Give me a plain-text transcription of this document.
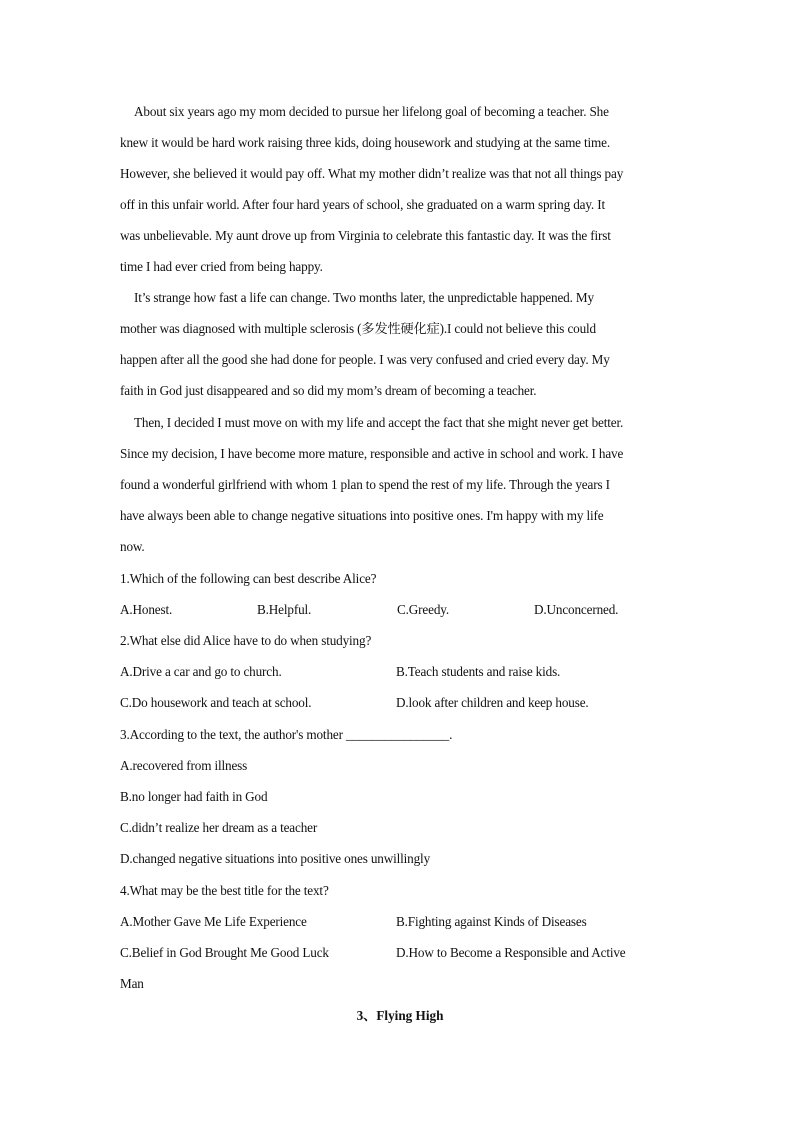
About six years ago my mom decided to pursue her lifelong goal of becoming a teacher. She
knew it would be hard work raising three kids, doing housework and studying at the same time.
However, she believed it would pay off. What my mother didn’t realize was that not all things pay
off in this unfair world. After four hard years of school, she graduated on a warm spring day. It
was unbelievable. My aunt drove up from Virginia to celebrate this fantastic day. It was the first
time I had ever cried from being happy.
It’s strange how fast a life can change. Two months later, the unpredictable happened. My
mother was diagnosed with multiple sclerosis (多发性硬化症).I could not believe this could
happen after all the good she had done for people. I was very confused and cried every day. My
faith in God just disappeared and so did my mom’s dream of becoming a teacher.
Then, I decided I must move on with my life and accept the fact that she might never get better.
Since my decision, I have become more mature, responsible and active in school and work. I have
found a wonderful girlfriend with whom 1 plan to spend the rest of my life. Through the years I
have always been able to change negative situations into positive ones. I'm happy with my life
now.
1.Which of the following can best describe Alice?
A.Honest.	B.Helpful.	C.Greedy.	D.Unconcerned.
2.What else did Alice have to do when studying?
A.Drive a car and go to church.	B.Teach students and raise kids.
C.Do housework and teach at school.	D.look after children and keep house.
3.According to the text, the author's mother ________________.
A.recovered from illness
B.no longer had faith in God
C.didn’t realize her dream as a teacher
D.changed negative situations into positive ones unwillingly
4.What may be the best title for the text?
A.Mother Gave Me Life Experience	B.Fighting against Kinds of Diseases
C.Belief in God Brought Me Good Luck	D.How to Become a Responsible and Active
Man
3、Flying High
